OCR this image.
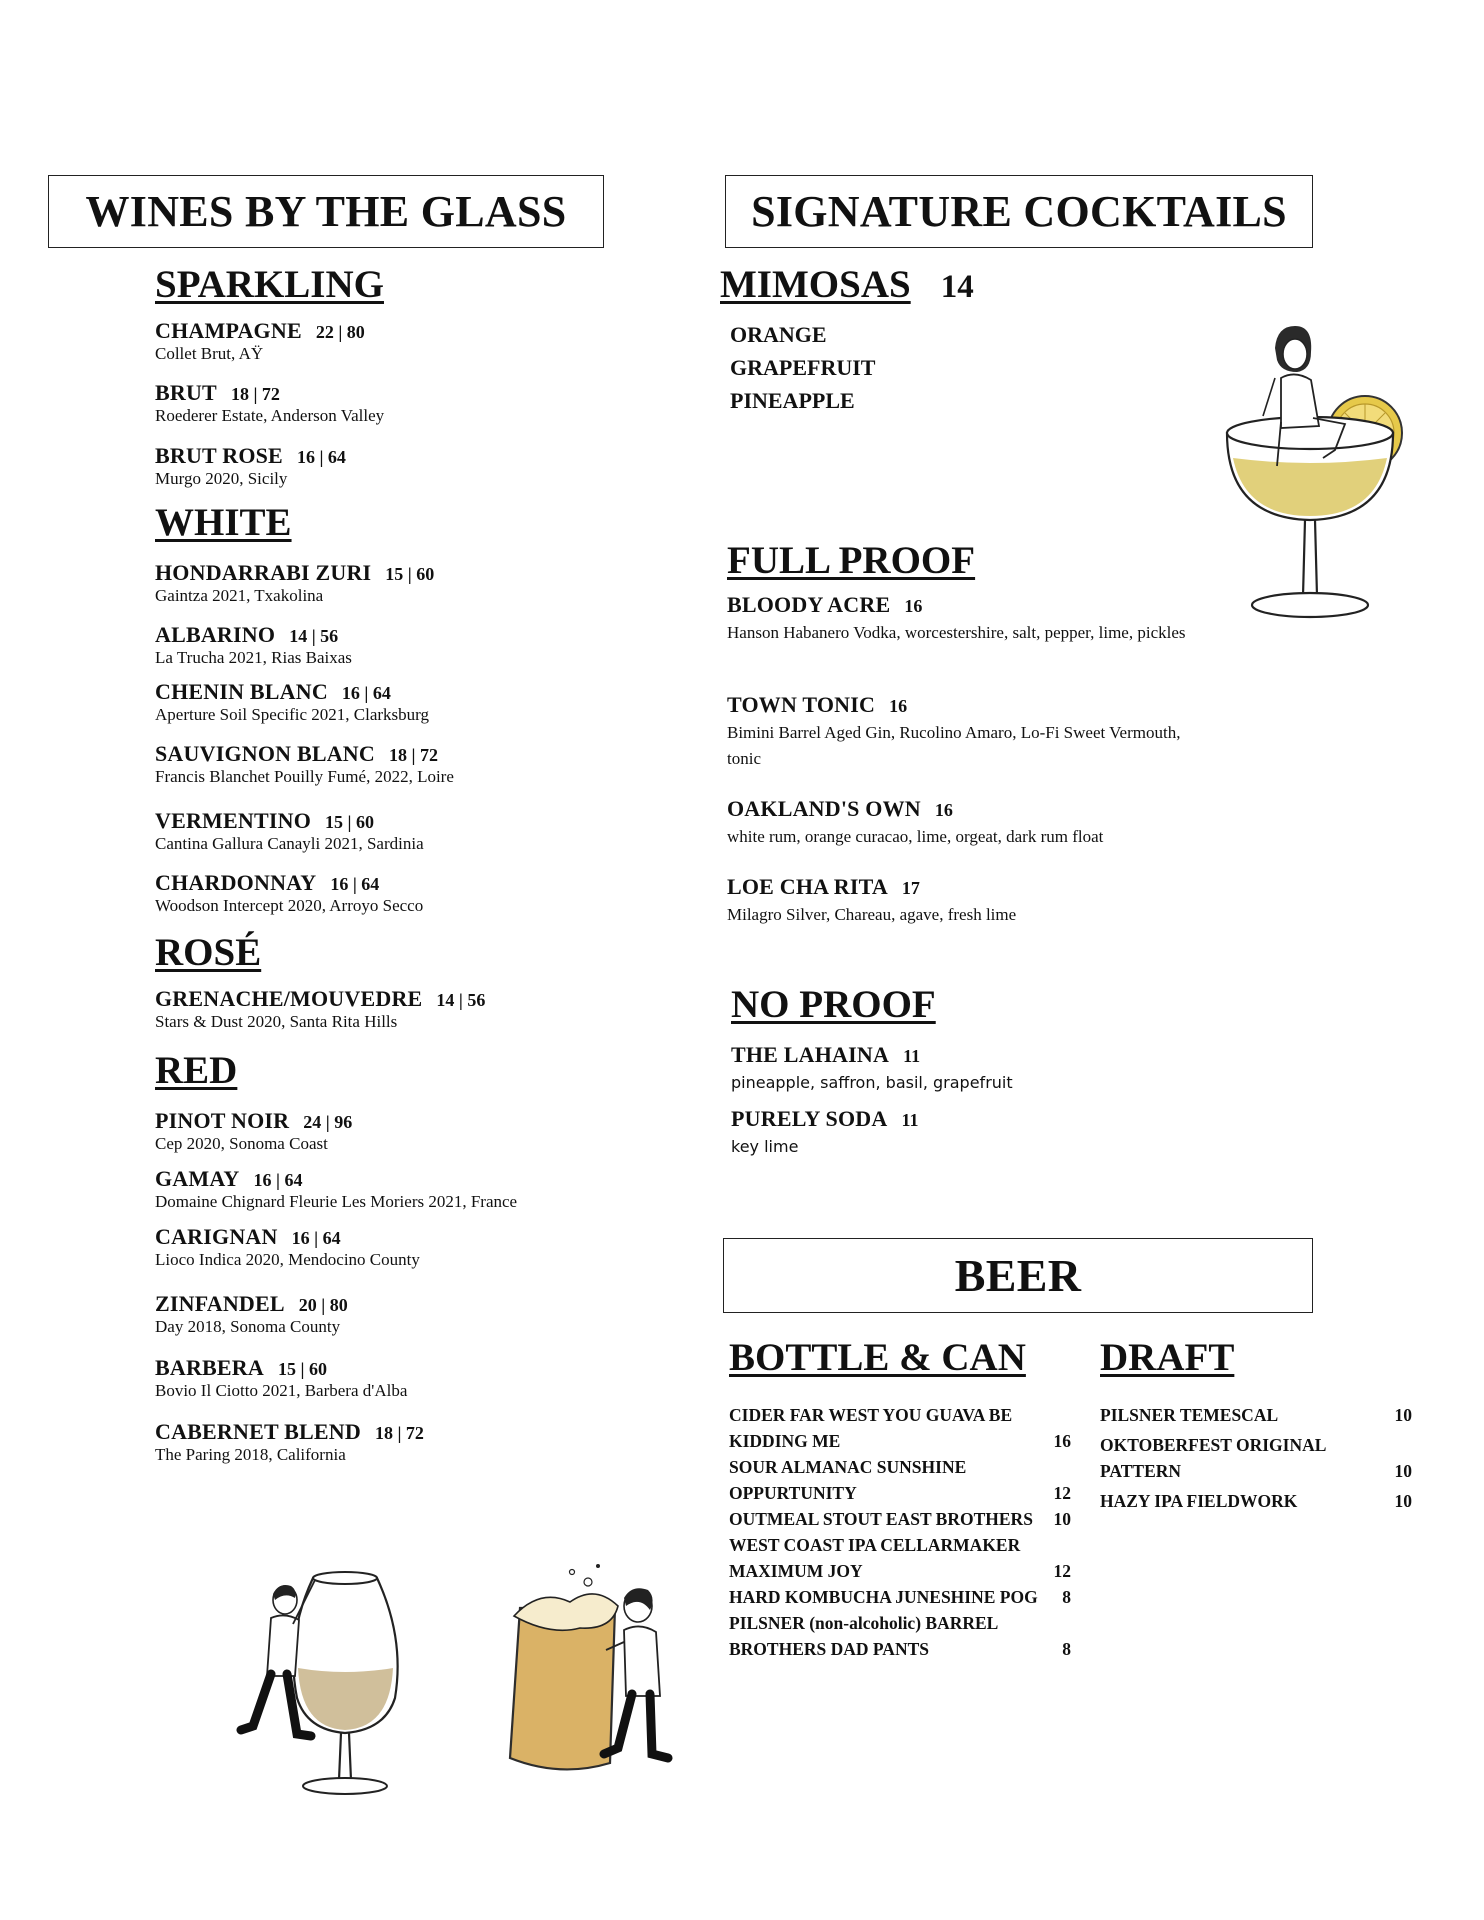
WINES BY THE GLASS
SPARKLING
CHAMPAGNE 22 | 80
Collet Brut, AŸ
BRUT 18 | 72
Roederer Estate, Anderson Valley
BRUT ROSE 16 | 64
Murgo 2020, Sicily
WHITE
HONDARRABI ZURI 15 | 60
Gaintza 2021, Txakolina
ALBARINO 14 | 56
La Trucha 2021, Rias Baixas
CHENIN BLANC 16 | 64
Aperture Soil Specific 2021, Clarksburg
SAUVIGNON BLANC 18 | 72
Francis Blanchet Pouilly Fumé, 2022, Loire
VERMENTINO 15 | 60
Cantina Gallura Canayli 2021, Sardinia
CHARDONNAY 16 | 64
Woodson Intercept 2020, Arroyo Secco
ROSÉ
GRENACHE/MOUVEDRE 14 | 56
Stars & Dust 2020, Santa Rita Hills
RED
PINOT NOIR 24 | 96
Cep 2020, Sonoma Coast
GAMAY 16 | 64
Domaine Chignard Fleurie Les Moriers 2021, France
CARIGNAN 16 | 64
Lioco Indica 2020, Mendocino County
ZINFANDEL 20 | 80
Day 2018, Sonoma County
BARBERA 15 | 60
Bovio Il Ciotto 2021, Barbera d'Alba
CABERNET BLEND 18 | 72
The Paring 2018, California
SIGNATURE COCKTAILS
MIMOSAS 14
ORANGE
GRAPEFRUIT
PINEAPPLE
FULL PROOF
BLOODY ACRE 16
Hanson Habanero Vodka, worcestershire, salt, pepper, lime, pickles
TOWN TONIC 16
Bimini Barrel Aged Gin, Rucolino Amaro, Lo-Fi Sweet Vermouth, tonic
OAKLAND'S OWN 16
white rum, orange curacao, lime, orgeat, dark rum float
LOE CHA RITA 17
Milagro Silver, Chareau, agave, fresh lime
NO PROOF
THE LAHAINA 11
pineapple, saffron, basil, grapefruit
PURELY SODA 11
key lime
BEER
BOTTLE & CAN DRAFT
CIDER FAR WEST YOU GUAVA BE
KIDDING ME	16
SOUR ALMANAC SUNSHINE
OPPURTUNITY	12
OUTMEAL STOUT EAST BROTHERS	10
WEST COAST IPA CELLARMAKER
MAXIMUM JOY	12
HARD KOMBUCHA JUNESHINE POG	8
PILSNER (non-alcoholic) BARREL
BROTHERS DAD PANTS	8
PILSNER TEMESCAL	10
OKTOBERFEST ORIGINAL
PATTERN	10
HAZY IPA FIELDWORK	10
